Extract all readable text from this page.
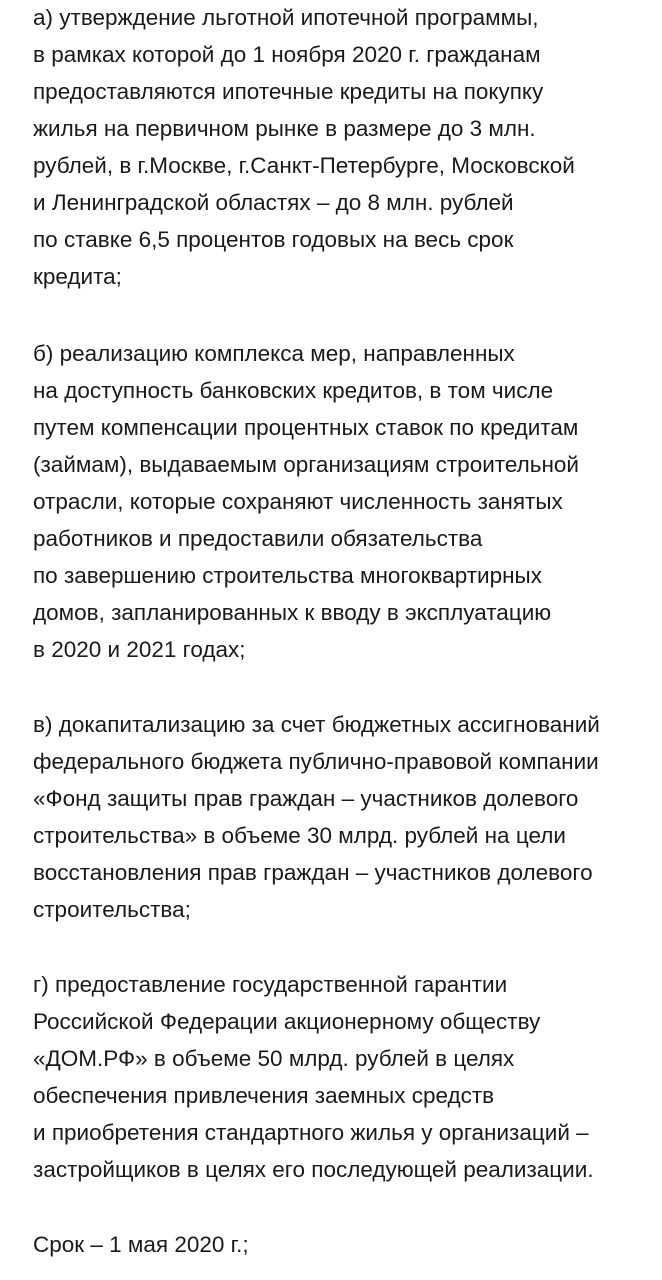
а) утверждение льготной ипотечной программы,
в рамках которой до 1 ноября 2020 г. гражданам
предоставляются ипотечные кредиты на покупку
жилья на первичном рынке в размере до 3 млн.
рублей, в г.Москве, г.Санкт-Петербурге, Московской
и Ленинградской областях – до 8 млн. рублей
по ставке 6,5 процентов годовых на весь срок
кредита;
б) реализацию комплекса мер, направленных
на доступность банковских кредитов, в том числе
путем компенсации процентных ставок по кредитам
(займам), выдаваемым организациям строительной
отрасли, которые сохраняют численность занятых
работников и предоставили обязательства
по завершению строительства многоквартирных
домов, запланированных к вводу в эксплуатацию
в 2020 и 2021 годах;
в) докапитализацию за счет бюджетных ассигнований
федерального бюджета публично-правовой компании
«Фонд защиты прав граждан – участников долевого
строительства» в объеме 30 млрд. рублей на цели
восстановления прав граждан – участников долевого
строительства;
г) предоставление государственной гарантии
Российской Федерации акционерному обществу
«ДОМ.РФ» в объеме 50 млрд. рублей в целях
обеспечения привлечения заемных средств
и приобретения стандартного жилья у организаций –
застройщиков в целях его последующей реализации.
Срок – 1 мая 2020 г.;
